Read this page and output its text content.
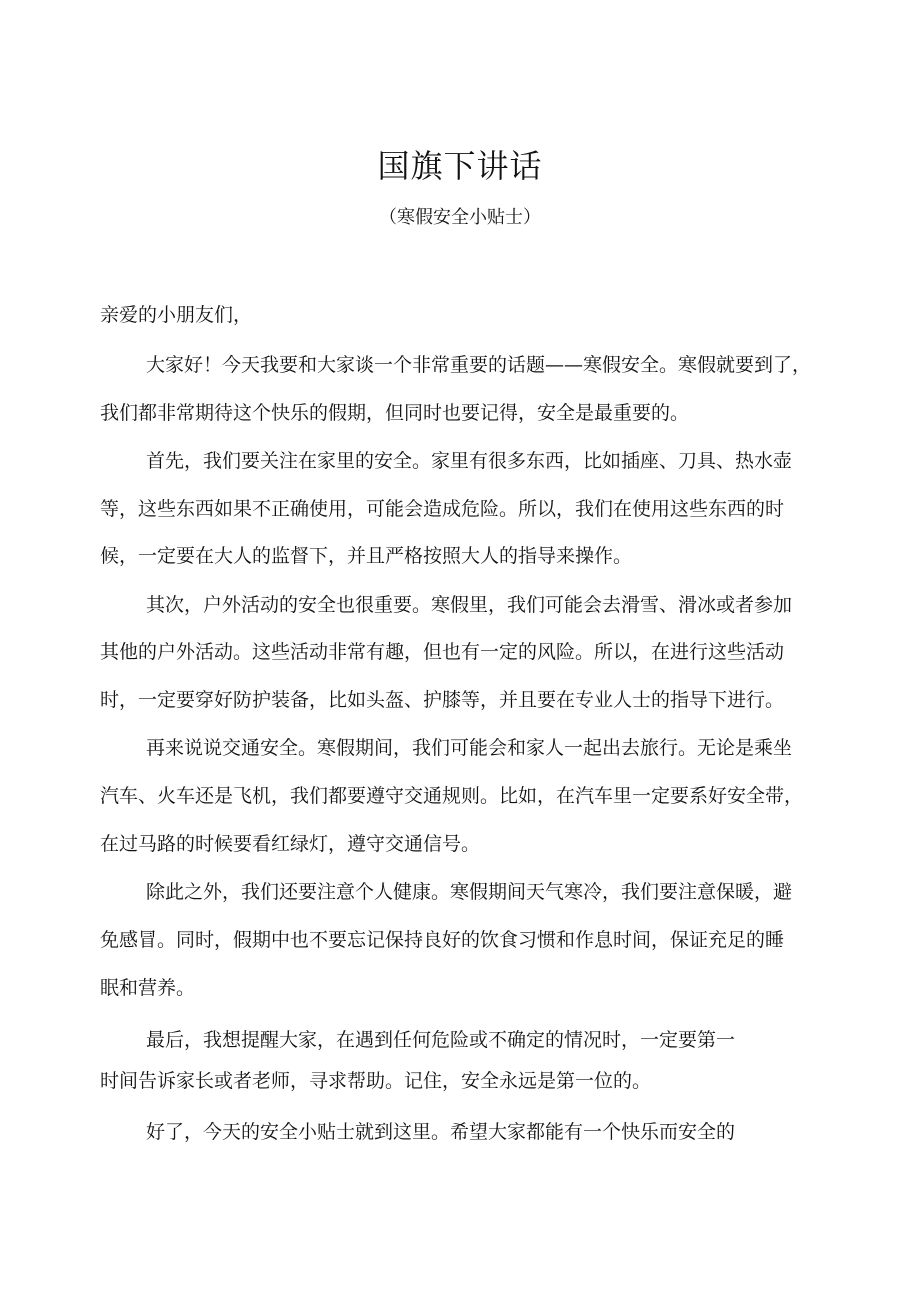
国旗下讲话
（寒假安全小贴士）
亲爱的小朋友们，
大家好！今天我要和大家谈一个非常重要的话题——寒假安全。寒假就要到了，
我们都非常期待这个快乐的假期，但同时也要记得，安全是最重要的。
首先，我们要关注在家里的安全。家里有很多东西，比如插座、刀具、热水壶
等，这些东西如果不正确使用，可能会造成危险。所以，我们在使用这些东西的时
候，一定要在大人的监督下，并且严格按照大人的指导来操作。
其次，户外活动的安全也很重要。寒假里，我们可能会去滑雪、滑冰或者参加
其他的户外活动。这些活动非常有趣，但也有一定的风险。所以，在进行这些活动
时，一定要穿好防护装备，比如头盔、护膝等，并且要在专业人士的指导下进行。
再来说说交通安全。寒假期间，我们可能会和家人一起出去旅行。无论是乘坐
汽车、火车还是飞机，我们都要遵守交通规则。比如，在汽车里一定要系好安全带，
在过马路的时候要看红绿灯，遵守交通信号。
除此之外，我们还要注意个人健康。寒假期间天气寒冷，我们要注意保暖，避
免感冒。同时，假期中也不要忘记保持良好的饮食习惯和作息时间，保证充足的睡
眠和营养。
最后，我想提醒大家，在遇到任何危险或不确定的情况时，一定要第一
时间告诉家长或者老师，寻求帮助。记住，安全永远是第一位的。
好了，今天的安全小贴士就到这里。希望大家都能有一个快乐而安全的
